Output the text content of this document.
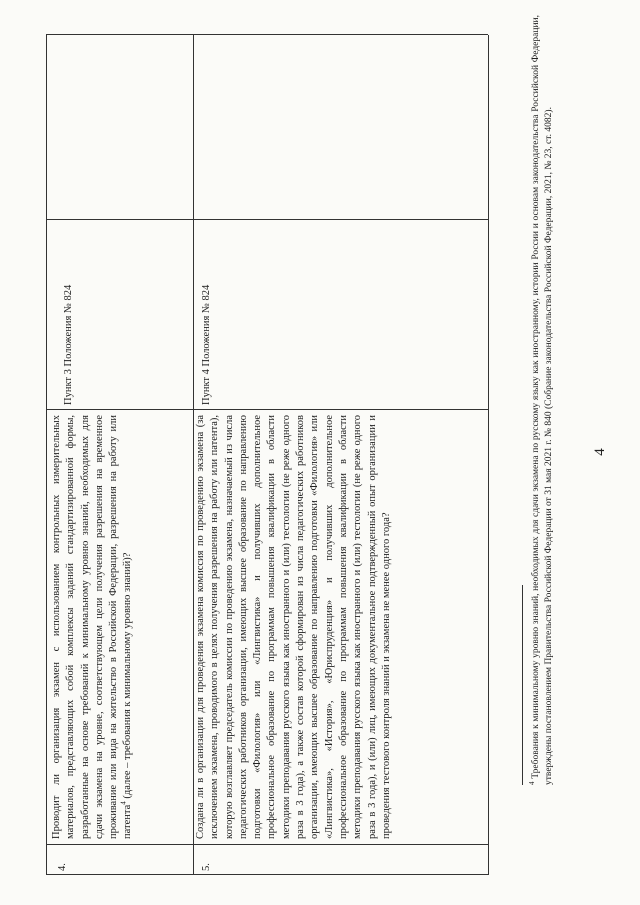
4
4.
Проводит ли организация экзамен с использованием контрольных измерительных материалов, представляющих собой комплексы заданий стандартизированной формы, разработанные на основе требований к минимальному уровню знаний, необходимых для сдачи экзамена на уровне, соответствующем цели получения разрешения на временное проживание или вида на жительство в Российской Федерации, разрешения на работу или патента$^4$ (далее – требования к минимальному уровню знаний)?
Пункт 3 Положения № 824
5.
Создана ли в организации для проведения экзамена комиссия по проведению экзамена (за исключением экзамена, проводимого в целях получения разрешения на работу или патента), которую возглавляет председатель комиссии по проведению экзамена, назначаемый из числа педагогических работников организации, имеющих высшее образование по направлению подготовки «Филология» или «Лингвистика» и получивших дополнительное профессиональное образование по программам повышения квалификации в области методики преподавания русского языка как иностранного и (или) тестологии (не реже одного раза в 3 года), а также состав которой сформирован из числа педагогических работников организации, имеющих высшее образование по направлению подготовки «Филология» или «Лингвистика», «История», «Юриспруденция» и получивших дополнительное профессиональное образование по программам повышения квалификации в области методики преподавания русского языка как иностранного и (или) тестологии (не реже одного раза в 3 года), и (или) лиц, имеющих документальное подтвержденный опыт организации и проведения тестового контроля знаний и экзамена не менее одного года?
Пункт 4 Положения № 824
$^4$ Требования к минимальному уровню знаний, необходимых для сдачи экзамена по русскому языку как иностранному, истории России и основам законодательства Российской Федерации, утверждены постановлением Правительства Российской Федерации от 31 мая 2021 г. № 840 (Собрание законодательства Российской Федерации, 2021, № 23, ст. 4082).
